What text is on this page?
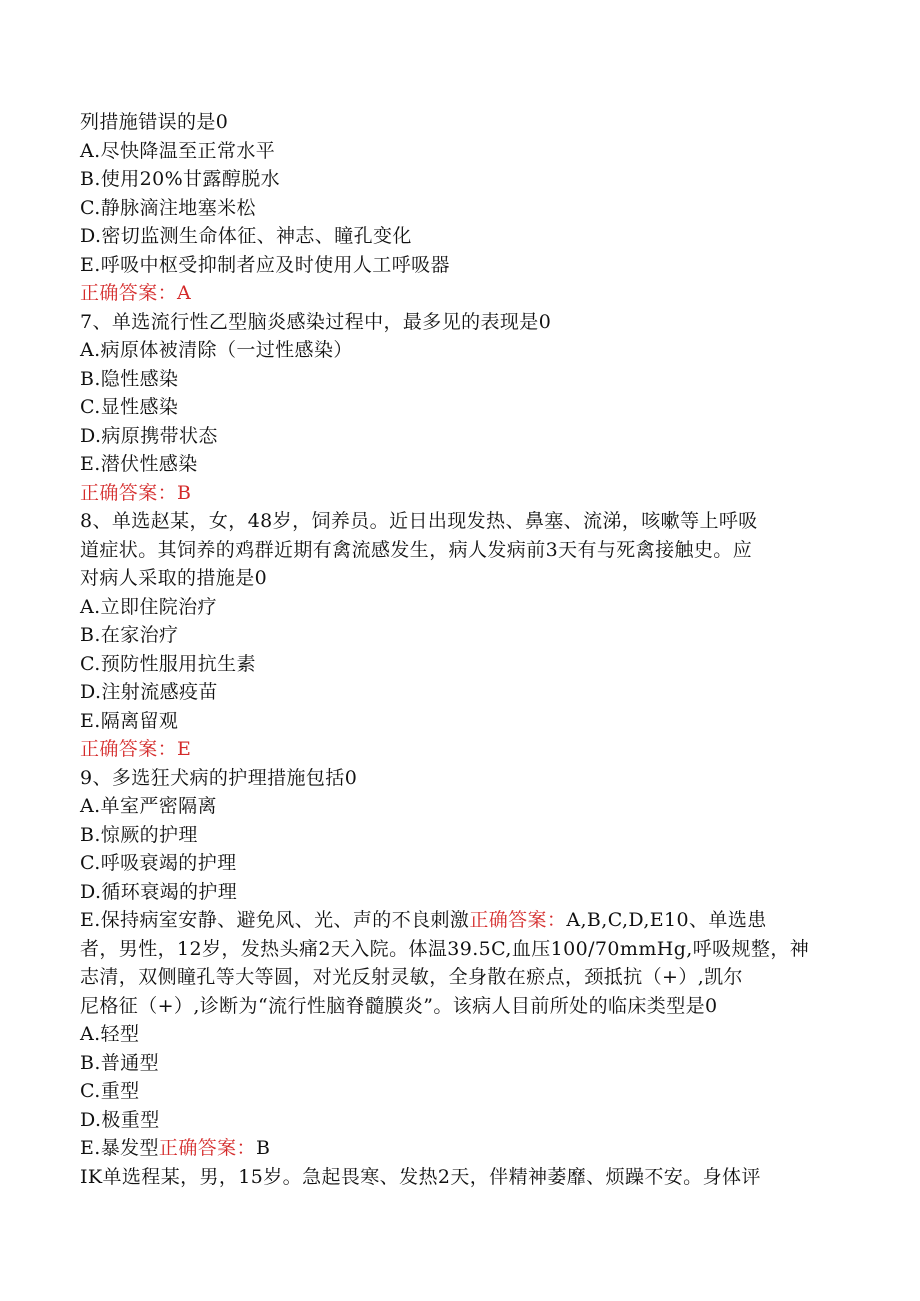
列措施错误的是0
A.尽快降温至正常水平
B.使用20%甘露醇脱水
C.静脉滴注地塞米松
D.密切监测生命体征、神志、瞳孔变化
E.呼吸中枢受抑制者应及时使用人工呼吸器
正确答案：A
7、单选流行性乙型脑炎感染过程中，最多见的表现是0
A.病原体被清除（一过性感染）
B.隐性感染
C.显性感染
D.病原携带状态
E.潜伏性感染
正确答案：B
8、单选赵某，女，48岁，饲养员。近日出现发热、鼻塞、流涕，咳嗽等上呼吸
道症状。其饲养的鸡群近期有禽流感发生，病人发病前3天有与死禽接触史。应
对病人采取的措施是0
A.立即住院治疗
B.在家治疗
C.预防性服用抗生素
D.注射流感疫苗
E.隔离留观
正确答案：E
9、多选狂犬病的护理措施包括0
A.单室严密隔离
B.惊厥的护理
C.呼吸衰竭的护理
D.循环衰竭的护理
E.保持病室安静、避免风、光、声的不良刺激正确答案：A,B,C,D,E10、单选患
者，男性，12岁，发热头痛2天入院。体温39.5C,血压100/70mmHg,呼吸规整，神
志清，双侧瞳孔等大等圆，对光反射灵敏，全身散在瘀点，颈抵抗（+）,凯尔
尼格征（+）,诊断为“流行性脑脊髓膜炎”。该病人目前所处的临床类型是0
A.轻型
B.普通型
C.重型
D.极重型
E.暴发型正确答案：B
IK单选程某，男，15岁。急起畏寒、发热2天，伴精神萎靡、烦躁不安。身体评
